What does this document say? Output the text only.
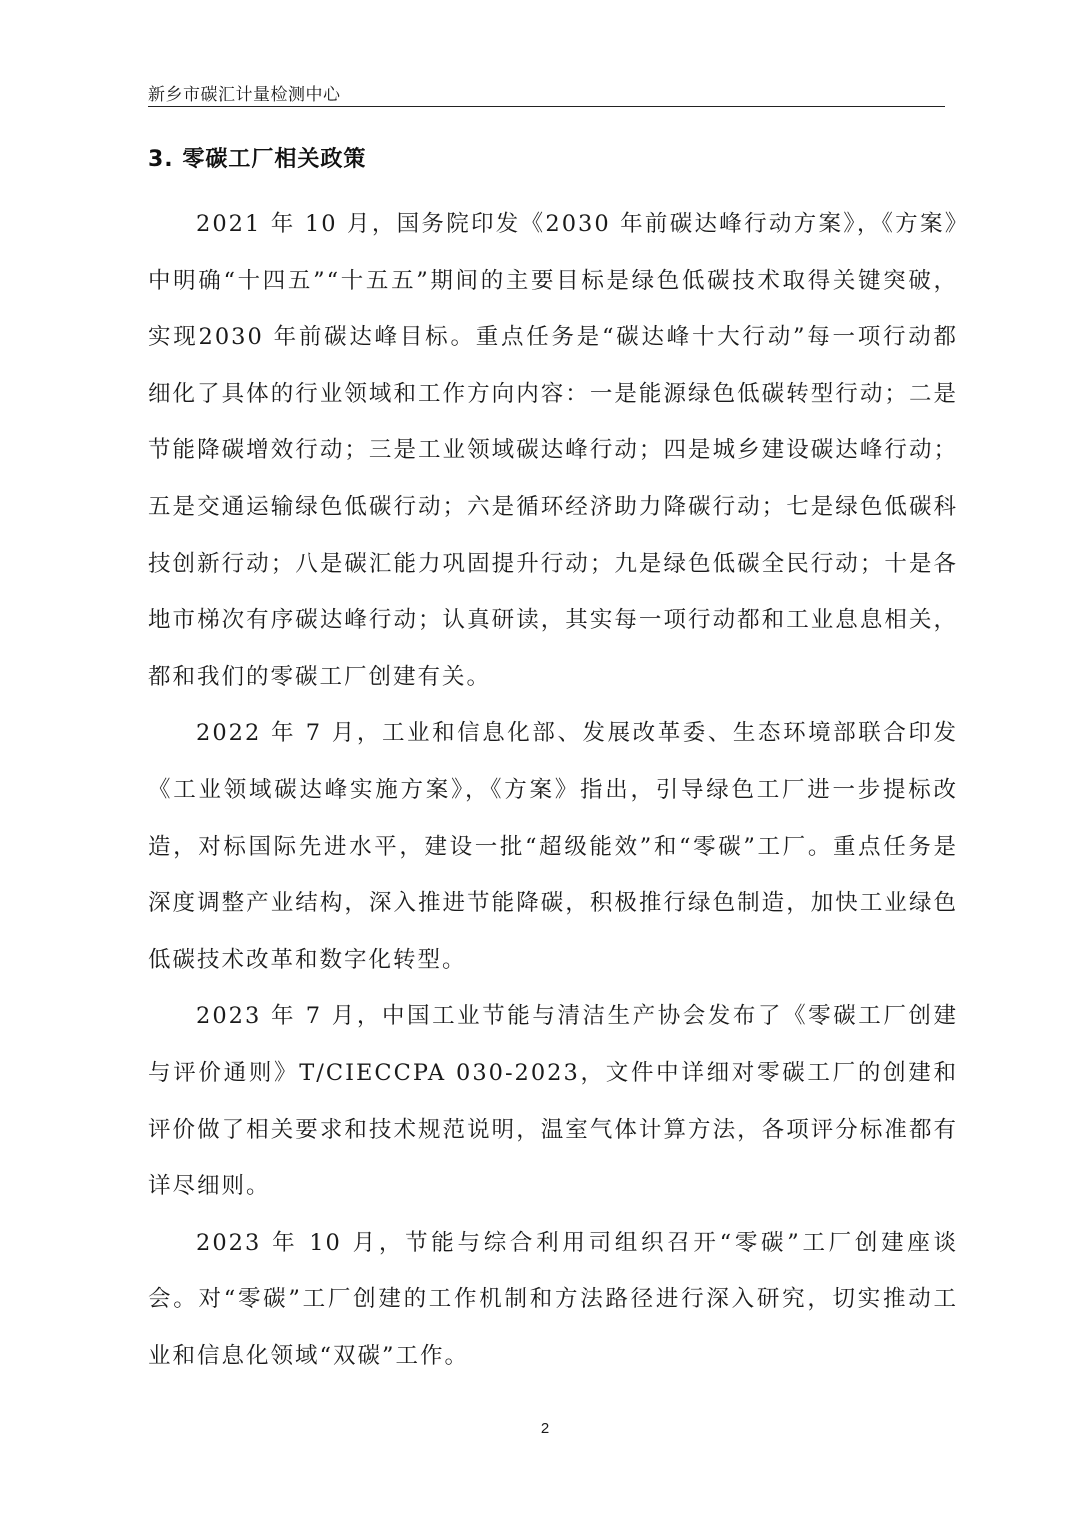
新乡市碳汇计量检测中心
3. 零碳工厂相关政策

2021 年 10 月，国务院印发《2030 年前碳达峰行动方案》，《方案》中明确“十四五”“十五五”期间的主要目标是绿色低碳技术取得关键突破，实现2030 年前碳达峰目标。重点任务是“碳达峰十大行动”每一项行动都细化了具体的行业领域和工作方向内容：一是能源绿色低碳转型行动；二是节能降碳增效行动；三是工业领域碳达峰行动；四是城乡建设碳达峰行动；五是交通运输绿色低碳行动；六是循环经济助力降碳行动；七是绿色低碳科技创新行动；八是碳汇能力巩固提升行动；九是绿色低碳全民行动；十是各地市梯次有序碳达峰行动；认真研读，其实每一项行动都和工业息息相关，都和我们的零碳工厂创建有关。

2022 年 7 月，工业和信息化部、发展改革委、生态环境部联合印发《工业领域碳达峰实施方案》，《方案》指出，引导绿色工厂进一步提标改造，对标国际先进水平，建设一批“超级能效”和“零碳”工厂。重点任务是深度调整产业结构，深入推进节能降碳，积极推行绿色制造，加快工业绿色低碳技术改革和数字化转型。

2023 年 7 月，中国工业节能与清洁生产协会发布了《零碳工厂创建与评价通则》T/CIECCPA 030-2023，文件中详细对零碳工厂的创建和评价做了相关要求和技术规范说明，温室气体计算方法，各项评分标准都有详尽细则。

2023 年 10 月，节能与综合利用司组织召开“零碳”工厂创建座谈会。对“零碳”工厂创建的工作机制和方法路径进行深入研究，切实推动工业和信息化领域“双碳”工作。

2
